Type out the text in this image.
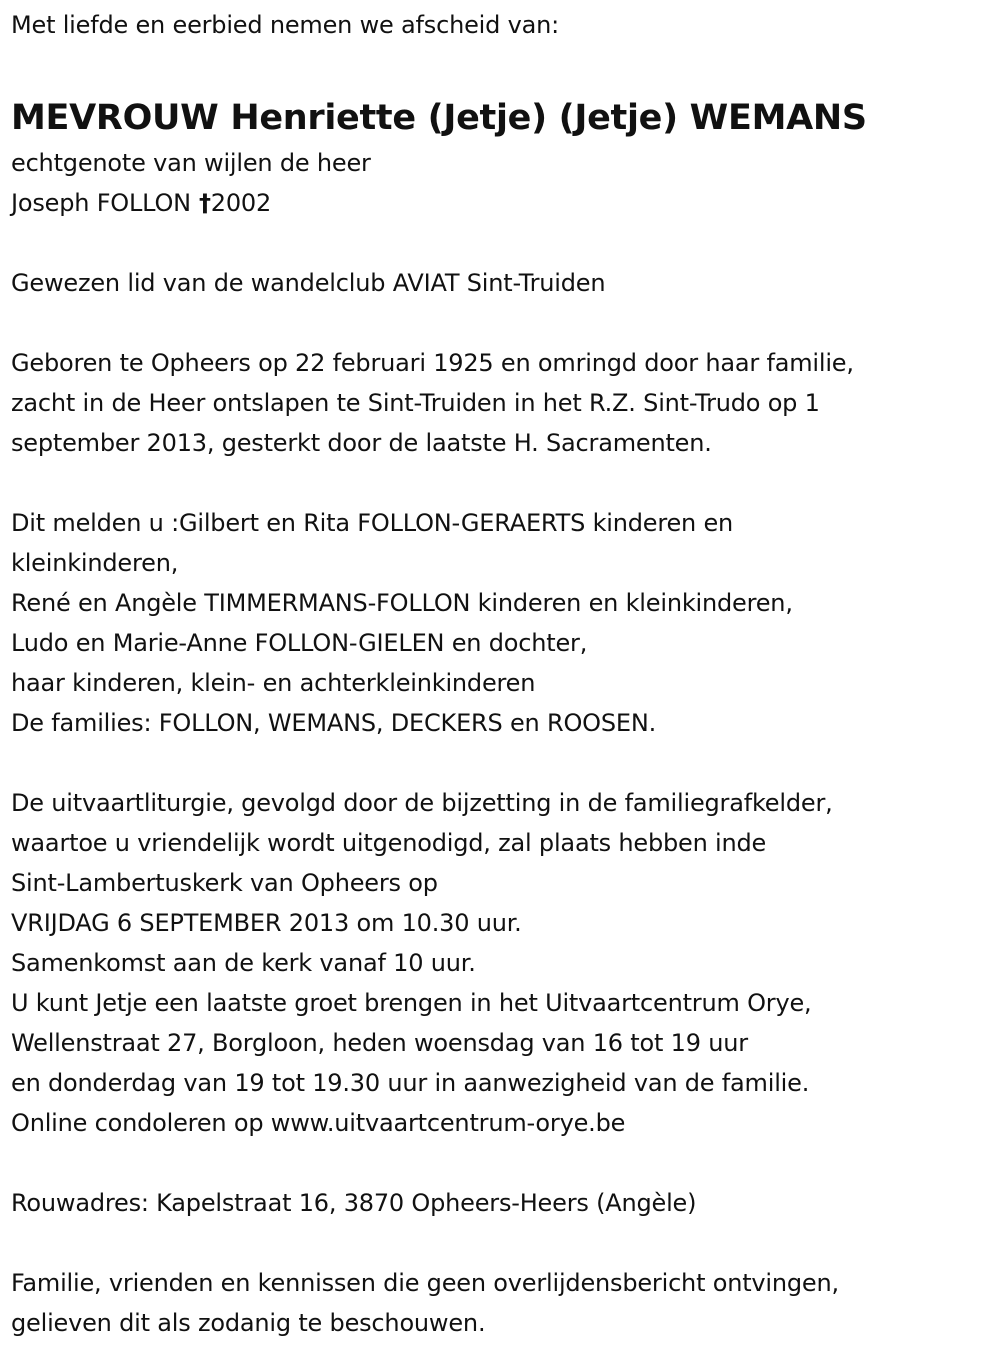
Met liefde en eerbied nemen we afscheid van:
MEVROUW Henriette (Jetje) (Jetje) WEMANS
echtgenote van wijlen de heer
Joseph FOLLON †2002
Gewezen lid van de wandelclub AVIAT Sint-Truiden
Geboren te Opheers op 22 februari 1925 en omringd door haar familie,
zacht in de Heer ontslapen te Sint-Truiden in het R.Z. Sint-Trudo op 1
september 2013, gesterkt door de laatste H. Sacramenten.
Dit melden u :Gilbert en Rita FOLLON-GERAERTS kinderen en
kleinkinderen,
René en Angèle TIMMERMANS-FOLLON kinderen en kleinkinderen,
Ludo en Marie-Anne FOLLON-GIELEN en dochter,
haar kinderen, klein- en achterkleinkinderen
De families: FOLLON, WEMANS, DECKERS en ROOSEN.
De uitvaartliturgie, gevolgd door de bijzetting in de familiegrafkelder,
waartoe u vriendelijk wordt uitgenodigd, zal plaats hebben inde
Sint-Lambertuskerk van Opheers op
VRIJDAG 6 SEPTEMBER 2013 om 10.30 uur.
Samenkomst aan de kerk vanaf 10 uur.
U kunt Jetje een laatste groet brengen in het Uitvaartcentrum Orye,
Wellenstraat 27, Borgloon, heden woensdag van 16 tot 19 uur
en donderdag van 19 tot 19.30 uur in aanwezigheid van de familie.
Online condoleren op www.uitvaartcentrum-orye.be
Rouwadres: Kapelstraat 16, 3870 Opheers-Heers (Angèle)
Familie, vrienden en kennissen die geen overlijdensbericht ontvingen,
gelieven dit als zodanig te beschouwen.
